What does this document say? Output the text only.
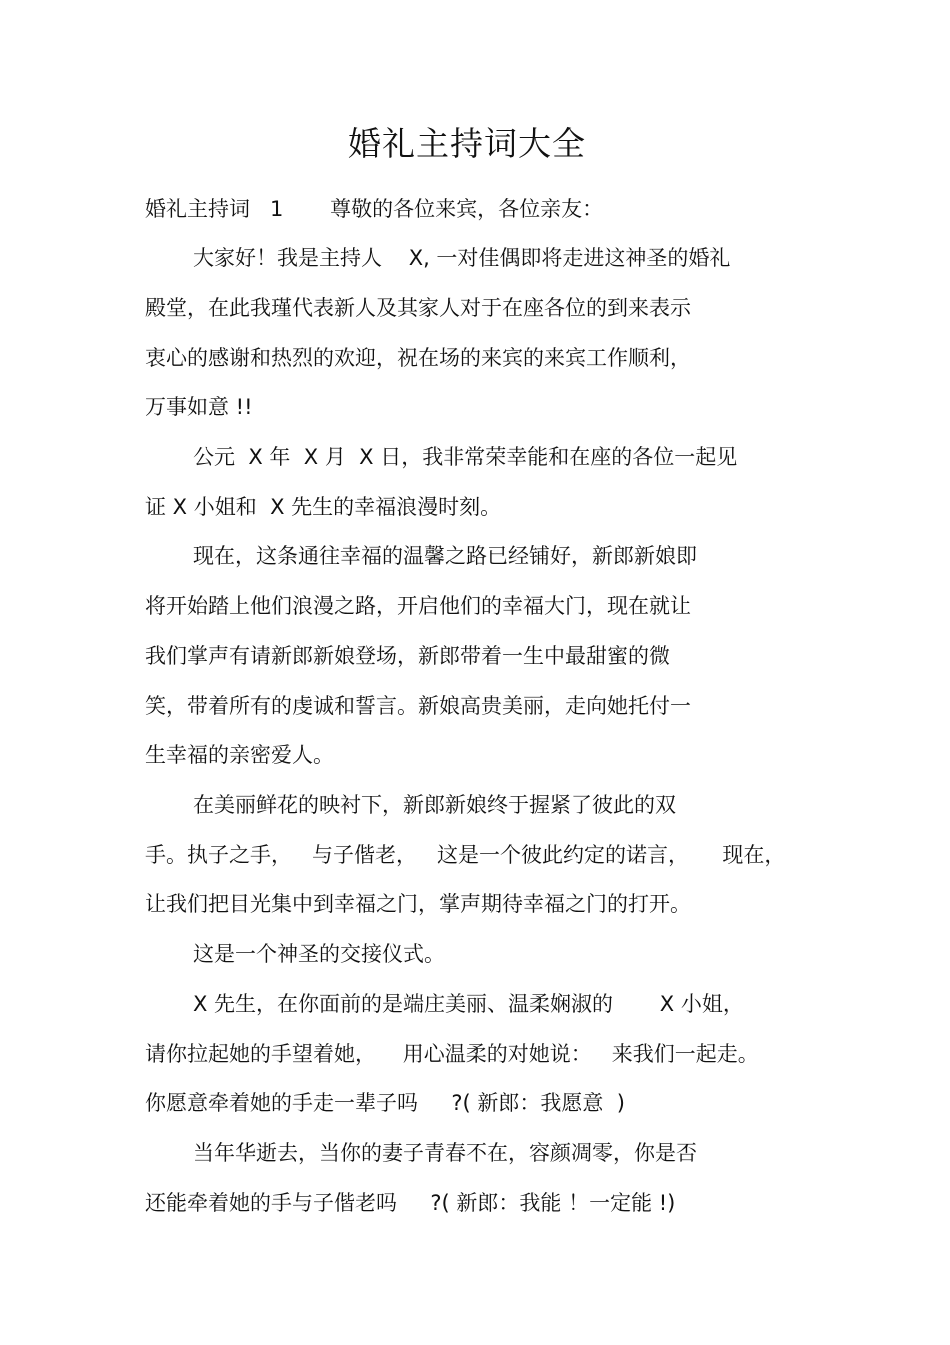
婚礼主持词大全
婚礼主持词   1       尊敬的各位来宾，各位亲友：
大家好！我是主持人    X, 一对佳偶即将走进这神圣的婚礼
殿堂，在此我瑾代表新人及其家人对于在座各位的到来表示
衷心的感谢和热烈的欢迎，祝在场的来宾的来宾工作顺利，
万事如意 !!
公元  X 年  X 月  X 日，我非常荣幸能和在座的各位一起见
证 X 小姐和  X 先生的幸福浪漫时刻。
现在，这条通往幸福的温馨之路已经铺好，新郎新娘即
将开始踏上他们浪漫之路，开启他们的幸福大门，现在就让
我们掌声有请新郎新娘登场，新郎带着一生中最甜蜜的微
笑，带着所有的虔诚和誓言。新娘高贵美丽，走向她托付一
生幸福的亲密爱人。
在美丽鲜花的映衬下，新郎新娘终于握紧了彼此的双
手。执子之手，   与子偕老，   这是一个彼此约定的诺言，     现在，
让我们把目光集中到幸福之门，掌声期待幸福之门的打开。
这是一个神圣的交接仪式。
X 先生，在你面前的是端庄美丽、温柔娴淑的       X 小姐，
请你拉起她的手望着她，    用心温柔的对她说：   来我们一起走。
你愿意牵着她的手走一辈子吗     ?( 新郎：我愿意  )
当年华逝去，当你的妻子青春不在，容颜凋零，你是否
还能牵着她的手与子偕老吗     ?( 新郎：我能 ！一定能 !)
